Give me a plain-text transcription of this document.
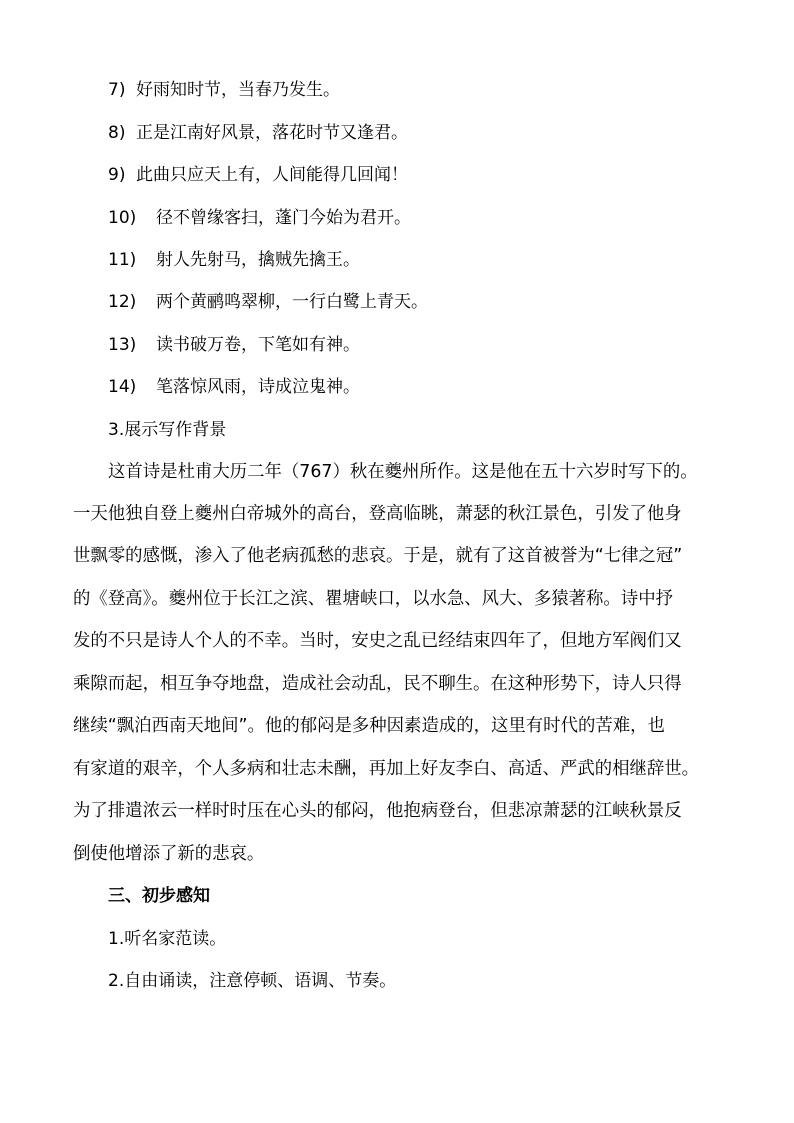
7) 好雨知时节，当春乃发生。
8) 正是江南好风景，落花时节又逢君。
9) 此曲只应天上有，人间能得几回闻！
10) 径不曾缘客扫，蓬门今始为君开。
11) 射人先射马，擒贼先擒王。
12) 两个黄鹂鸣翠柳，一行白鹭上青天。
13) 读书破万卷，下笔如有神。
14) 笔落惊风雨，诗成泣鬼神。
3.展示写作背景
这首诗是杜甫大历二年（767）秋在夔州所作。这是他在五十六岁时写下的。
一天他独自登上夔州白帝城外的高台，登高临眺，萧瑟的秋江景色，引发了他身
世飘零的感慨，渗入了他老病孤愁的悲哀。于是，就有了这首被誉为“七律之冠”
的《登高》。夔州位于长江之滨、瞿塘峡口，以水急、风大、多猿著称。诗中抒
发的不只是诗人个人的不幸。当时，安史之乱已经结束四年了，但地方军阀们又
乘隙而起，相互争夺地盘，造成社会动乱，民不聊生。在这种形势下，诗人只得
继续“飘泊西南天地间”。他的郁闷是多种因素造成的，这里有时代的苦难，也
有家道的艰辛，个人多病和壮志未酬，再加上好友李白、高适、严武的相继辞世。
为了排遣浓云一样时时压在心头的郁闷，他抱病登台，但悲凉萧瑟的江峡秋景反
倒使他增添了新的悲哀。
三、初步感知
1.听名家范读。
2.自由诵读，注意停顿、语调、节奏。
